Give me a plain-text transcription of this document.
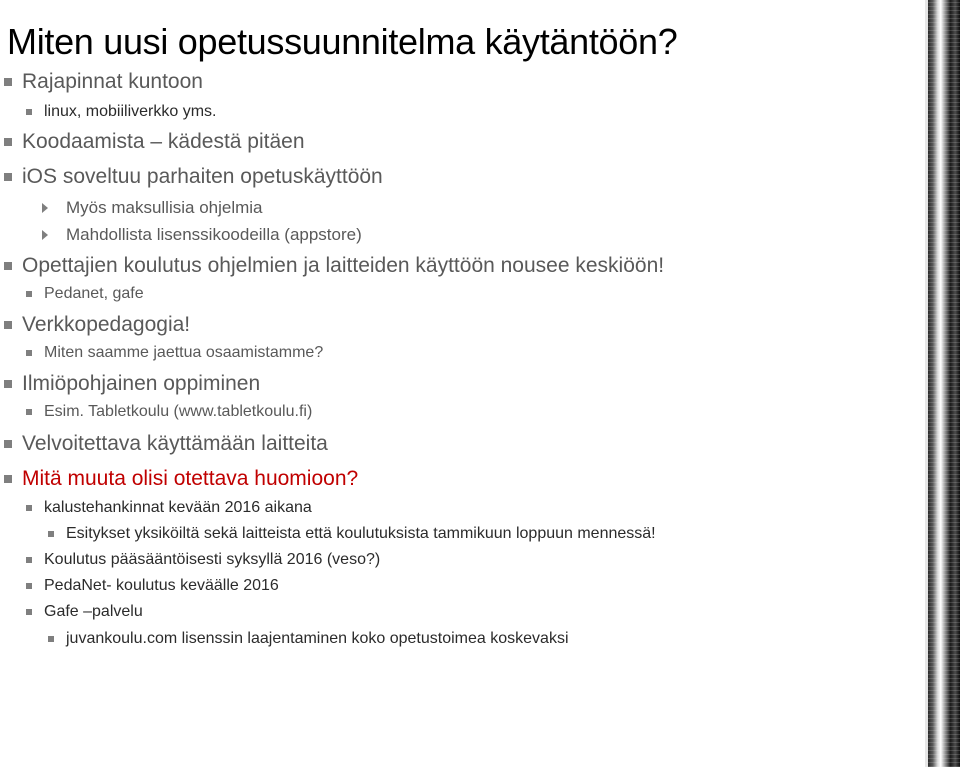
Miten uusi opetussuunnitelma käytäntöön?
Rajapinnat kuntoon
linux, mobiiliverkko yms.
Koodaamista – kädestä pitäen
iOS soveltuu parhaiten opetuskäyttöön
Myös maksullisia ohjelmia
Mahdollista lisenssikoodeilla (appstore)
Opettajien koulutus ohjelmien ja laitteiden käyttöön nousee keskiöön!
Pedanet, gafe
Verkkopedagogia!
Miten saamme jaettua osaamistamme?
Ilmiöpohjainen oppiminen
Esim. Tabletkoulu (www.tabletkoulu.fi)
Velvoitettava käyttämään laitteita
Mitä muuta olisi otettava huomioon?
kalustehankinnat kevään 2016 aikana
Esitykset yksiköiltä sekä laitteista että koulutuksista tammikuun loppuun mennessä!
Koulutus pääsääntöisesti syksyllä 2016 (veso?)
PedaNet- koulutus keväälle 2016
Gafe –palvelu
juvankoulu.com lisenssin laajentaminen koko opetustoimea koskevaksi
